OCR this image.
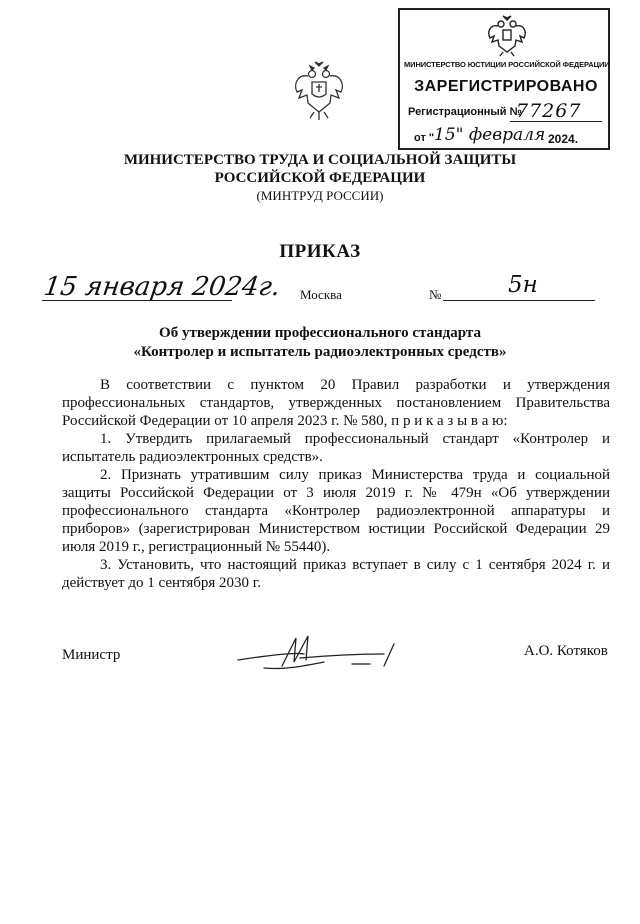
МИНИСТЕРСТВО ЮСТИЦИИ РОССИЙСКОЙ ФЕДЕРАЦИИ
ЗАРЕГИСТРИРОВАНО
Регистрационный №
77267
от " 15" февраля 2024.
МИНИСТЕРСТВО ТРУДА И СОЦИАЛЬНОЙ ЗАЩИТЫ
РОССИЙСКОЙ ФЕДЕРАЦИИ
(МИНТРУД РОССИИ)
ПРИКАЗ
15 января 2024г. Москва	№	5н
Об утверждении профессионального стандарта
«Контролер и испытатель радиоэлектронных средств»

В соответствии с пунктом 20 Правил разработки и утверждения профессиональных стандартов, утвержденных постановлением Правительства Российской Федерации от 10 апреля 2023 г. № 580, п р и к а з ы в а ю:

1. Утвердить прилагаемый профессиональный стандарт «Контролер и испытатель радиоэлектронных средств».

2. Признать утратившим силу приказ Министерства труда и социальной защиты Российской Федерации от 3 июля 2019 г. № 479н «Об утверждении профессионального стандарта «Контролер радиоэлектронной аппаратуры и приборов» (зарегистрирован Министерством юстиции Российской Федерации 29 июля 2019 г., регистрационный № 55440).

3. Установить, что настоящий приказ вступает в силу с 1 сентября 2024 г. и действует до 1 сентября 2030 г.

Министр	А.О. Котяков
